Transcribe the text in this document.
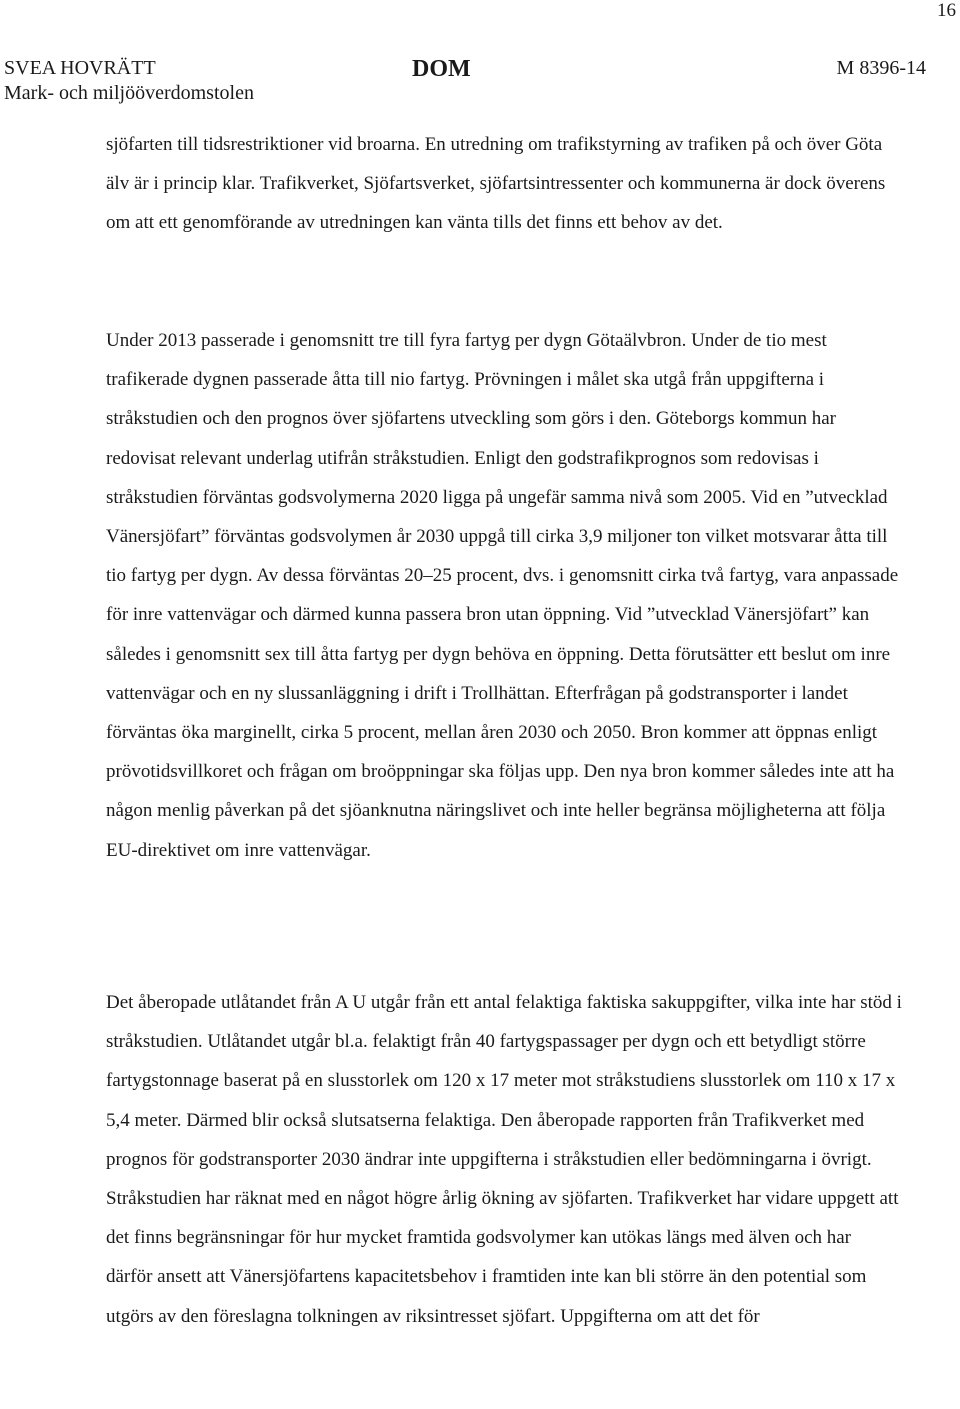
16
SVEA HOVRÄTT
Mark- och miljööverdomstolen
DOM	M 8396-14

sjöfarten till tidsrestriktioner vid broarna. En utredning om trafikstyrning av trafiken på och över Göta älv är i princip klar. Trafikverket, Sjöfartsverket, sjöfartsintressenter och kommunerna är dock överens om att ett genomförande av utredningen kan vänta tills det finns ett behov av det.

Under 2013 passerade i genomsnitt tre till fyra fartyg per dygn Götaälvbron. Under de tio mest trafikerade dygnen passerade åtta till nio fartyg. Prövningen i målet ska utgå från uppgifterna i stråkstudien och den prognos över sjöfartens utveckling som görs i den. Göteborgs kommun har redovisat relevant underlag utifrån stråkstudien. Enligt den godstrafikprognos som redovisas i stråkstudien förväntas godsvolymerna 2020 ligga på ungefär samma nivå som 2005. Vid en ”utvecklad Vänersjöfart” förväntas godsvolymen år 2030 uppgå till cirka 3,9 miljoner ton vilket motsvarar åtta till tio fartyg per dygn. Av dessa förväntas 20–25 procent, dvs. i genomsnitt cirka två fartyg, vara anpassade för inre vattenvägar och därmed kunna passera bron utan öppning. Vid ”utvecklad Vänersjöfart” kan således i genomsnitt sex till åtta fartyg per dygn behöva en öppning. Detta förutsätter ett beslut om inre vattenvägar och en ny slussanläggning i drift i Trollhättan. Efterfrågan på godstransporter i landet förväntas öka marginellt, cirka 5 procent, mellan åren 2030 och 2050. Bron kommer att öppnas enligt prövotidsvillkoret och frågan om broöppningar ska följas upp. Den nya bron kommer således inte att ha någon menlig påverkan på det sjöanknutna näringslivet och inte heller begränsa möjligheterna att följa EU-direktivet om inre vattenvägar.

Det åberopade utlåtandet från A U utgår från ett antal felaktiga faktiska sakuppgifter, vilka inte har stöd i stråkstudien. Utlåtandet utgår bl.a. felaktigt från 40 fartygspassager per dygn och ett betydligt större fartygstonnage baserat på en slusstorlek om 120 x 17 meter mot stråkstudiens slusstorlek om 110 x 17 x 5,4 meter. Därmed blir också slutsatserna felaktiga. Den åberopade rapporten från Trafikverket med prognos för godstransporter 2030 ändrar inte uppgifterna i stråkstudien eller bedömningarna i övrigt. Stråkstudien har räknat med en något högre årlig ökning av sjöfarten. Trafikverket har vidare uppgett att det finns begränsningar för hur mycket framtida godsvolymer kan utökas längs med älven och har därför ansett att Vänersjöfartens kapacitetsbehov i framtiden inte kan bli större än den potential som utgörs av den föreslagna tolkningen av riksintresset sjöfart. Uppgifterna om att det för
